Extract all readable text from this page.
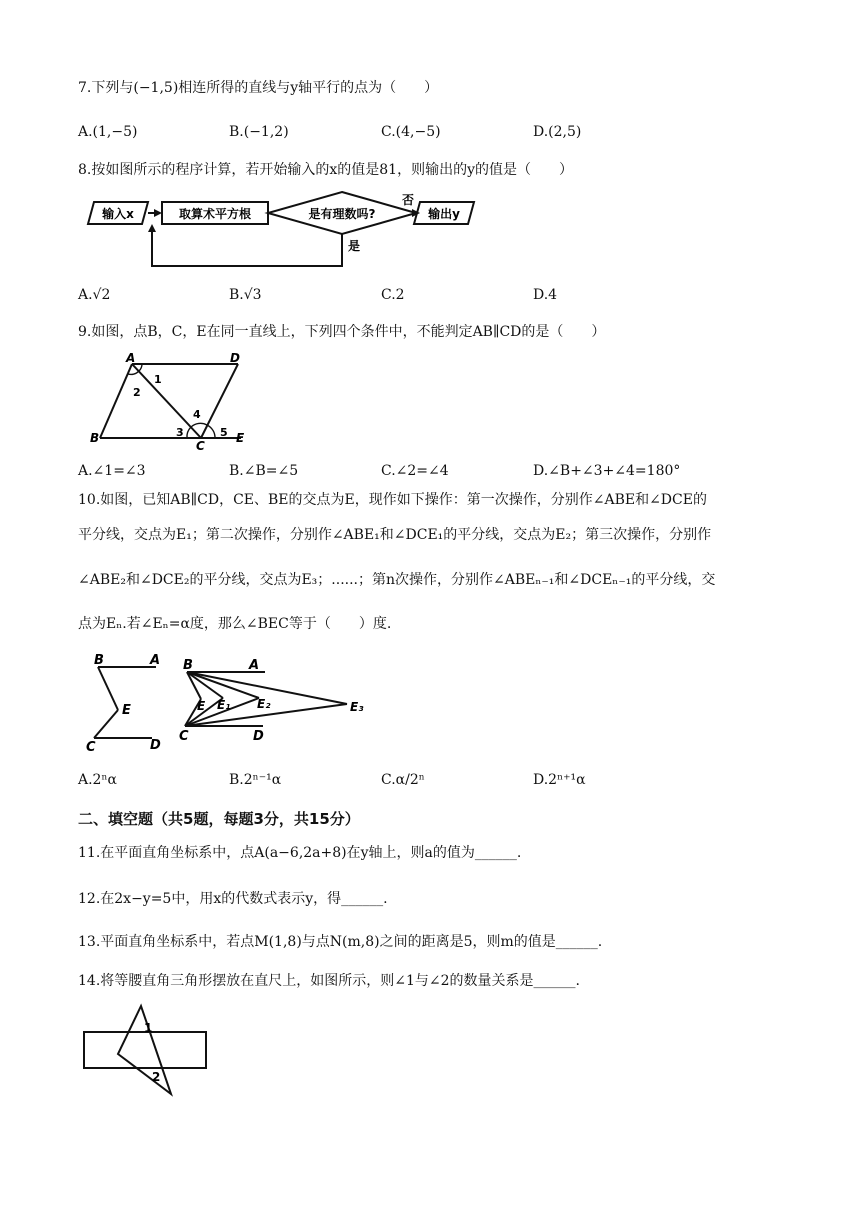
7.下列与(−1,5)相连所得的直线与y轴平行的点为（　　）
A.(1,−5)	B.(−1,2)	C.(4,−5)	D.(2,5)
8.按如图所示的程序计算，若开始输入的x的值是81，则输出的y的值是（　　）
输入x	取算术平方根	是有理数吗?	输出y
否
是
A.√2	B.√3	C.2	D.4
9.如图，点B，C，E在同一直线上，下列四个条件中，不能判定AB∥CD的是（　　）
A	D
B
C
E
1
2
3
4
5
A.∠1=∠3	B.∠B=∠5	C.∠2=∠4	D.∠B+∠3+∠4=180°
10.如图，已知AB∥CD，CE、BE的交点为E，现作如下操作：第一次操作，分别作∠ABE和∠DCE的
平分线，交点为E₁；第二次操作，分别作∠ABE₁和∠DCE₁的平分线，交点为E₂；第三次操作，分别作
∠ABE₂和∠DCE₂的平分线，交点为E₃；......；第n次操作，分别作∠ABEₙ₋₁和∠DCEₙ₋₁的平分线，交
点为Eₙ.若∠Eₙ=α度，那么∠BEC等于（　　）度.
B	A
E
C	D
B	A
E E₁ E₂	E₃
C	D
A.2ⁿα	B.2ⁿ⁻¹α	C.α/2ⁿ	D.2ⁿ⁺¹α
二、填空题（共5题，每题3分，共15分）
11.在平面直角坐标系中，点A(a−6,2a+8)在y轴上，则a的值为______.
12.在2x−y=5中，用x的代数式表示y，得______.
13.平面直角坐标系中，若点M(1,8)与点N(m,8)之间的距离是5，则m的值是______.
14.将等腰直角三角形摆放在直尺上，如图所示，则∠1与∠2的数量关系是______.
1
2
